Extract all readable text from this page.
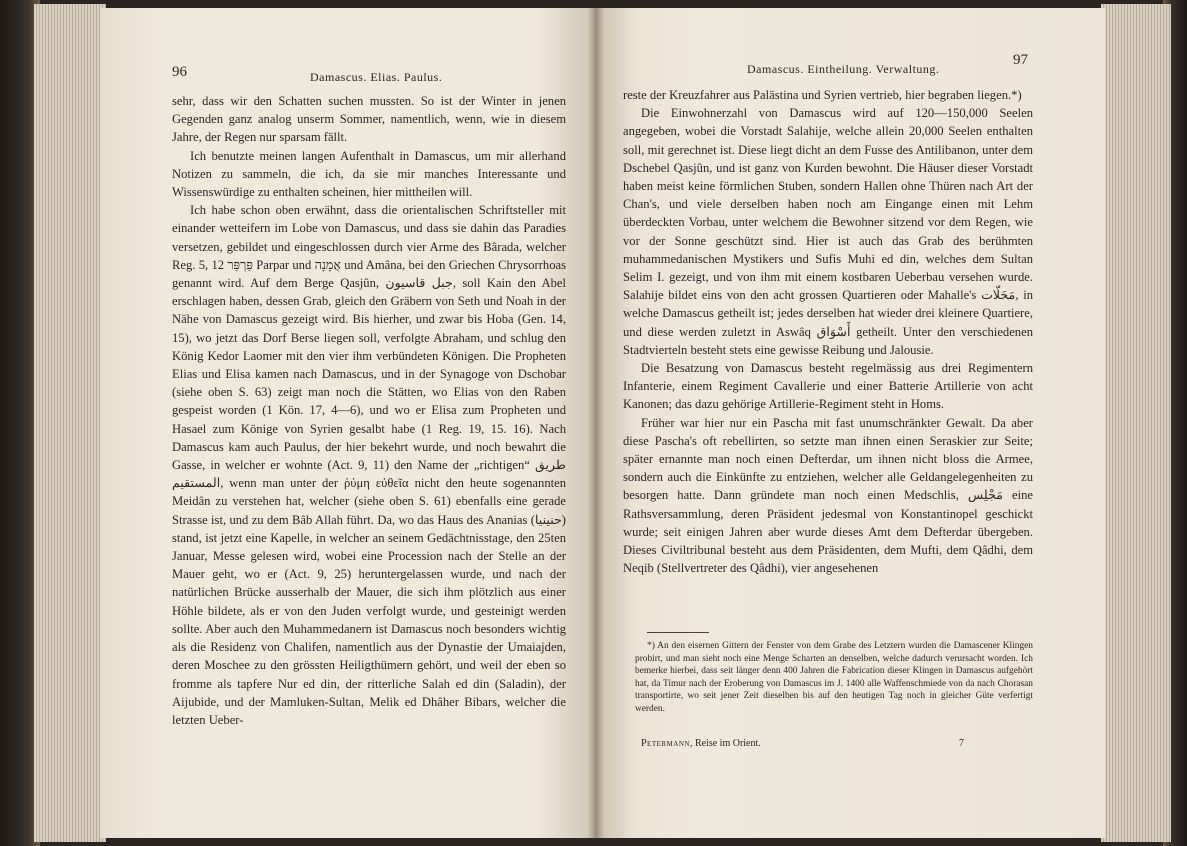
96	Damascus. Elias. Paulus.

sehr, dass wir den Schatten suchen mussten. So ist der Winter in jenen Gegenden ganz analog unserm Sommer, namentlich, wenn, wie in diesem Jahre, der Regen nur sparsam fällt.

Ich benutzte meinen langen Aufenthalt in Damascus, um mir allerhand Notizen zu sammeln, die ich, da sie mir manches Interessante und Wissenswürdige zu enthalten scheinen, hier mittheilen will.

Ich habe schon oben erwähnt, dass die orientalischen Schriftsteller mit einander wetteifern im Lobe von Damascus, und dass sie dahin das Paradies versetzen, gebildet und eingeschlossen durch vier Arme des Bârada, welcher Reg. 5, 12 פַּרְפַּר Parpar und אֲמָנָה und Amâna, bei den Griechen Chrysorrhoas genannt wird. Auf dem Berge Qasjûn, جبل قاسيون, soll Kain den Abel erschlagen haben, dessen Grab, gleich den Gräbern von Seth und Noah in der Nähe von Damascus gezeigt wird. Bis hierher, und zwar bis Hoba (Gen. 14, 15), wo jetzt das Dorf Berse liegen soll, verfolgte Abraham, und schlug den König Kedor Laomer mit den vier ihm verbündeten Königen. Die Propheten Elias und Elisa kamen nach Damascus, und in der Synagoge von Dschobar (siehe oben S. 63) zeigt man noch die Stätten, wo Elias von den Raben gespeist worden (1 Kön. 17, 4—6), und wo er Elisa zum Propheten und Hasael zum Könige von Syrien gesalbt habe (1 Reg. 19, 15. 16). Nach Damascus kam auch Paulus, der hier bekehrt wurde, und noch bewahrt die Gasse, in welcher er wohnte (Act. 9, 11) den Name der „richtigen“ طريق المستقيم, wenn man unter der ῥύμη εὐθεῖα nicht den heute sogenannten Meidân zu verstehen hat, welcher (siehe oben S. 61) ebenfalls eine gerade Strasse ist, und zu dem Bâb Allah führt. Da, wo das Haus des Ananias (حنينيا) stand, ist jetzt eine Kapelle, in welcher an seinem Gedächtnisstage, den 25ten Januar, Messe gelesen wird, wobei eine Procession nach der Stelle an der Mauer geht, wo er (Act. 9, 25) heruntergelassen wurde, und nach der natürlichen Brücke ausserhalb der Mauer, die sich ihm plötzlich aus einer Höhle bildete, als er von den Juden verfolgt wurde, und gesteinigt werden sollte. Aber auch den Muhammedanern ist Damascus noch besonders wichtig als die Residenz von Chalifen, namentlich aus der Dynastie der Umaiajden, deren Moschee zu den grössten Heiligthümern gehört, und weil der eben so fromme als tapfere Nur ed din, der ritterliche Salah ed din (Saladin), der Aijubide, und der Mamluken-Sultan, Melik ed Dhâher Bibars, welcher die letzten Ueber-

Damascus. Eintheilung. Verwaltung.
97

reste der Kreuzfahrer aus Palästina und Syrien vertrieb, hier begraben liegen.*)

Die Einwohnerzahl von Damascus wird auf 120—150,000 Seelen angegeben, wobei die Vorstadt Salahije, welche allein 20,000 Seelen enthalten soll, mit gerechnet ist. Diese liegt dicht an dem Fusse des Antilibanon, unter dem Dschebel Qasjûn, und ist ganz von Kurden bewohnt. Die Häuser dieser Vorstadt haben meist keine förmlichen Stuben, sondern Hallen ohne Thüren nach Art der Chan's, und viele derselben haben noch am Eingange einen mit Lehm überdeckten Vorbau, unter welchem die Bewohner sitzend vor dem Regen, wie vor der Sonne geschützt sind. Hier ist auch das Grab des berühmten muhammedanischen Mystikers und Sufis Muhi ed din, welches dem Sultan Selim I. gezeigt, und von ihm mit einem kostbaren Ueberbau versehen wurde. Salahije bildet eins von den acht grossen Quartieren oder Mahalle's مَحَلّات, in welche Damascus getheilt ist; jedes derselben hat wieder drei kleinere Quartiere, und diese werden zuletzt in Aswâq أَسْوَاق getheilt. Unter den verschiedenen Stadtvierteln besteht stets eine gewisse Reibung und Jalousie.

Die Besatzung von Damascus besteht regelmässig aus drei Regimentern Infanterie, einem Regiment Cavallerie und einer Batterie Artillerie von acht Kanonen; das dazu gehörige Artillerie-Regiment steht in Homs.

Früher war hier nur ein Pascha mit fast unumschränkter Gewalt. Da aber diese Pascha's oft rebellirten, so setzte man ihnen einen Seraskier zur Seite; später ernannte man noch einen Defterdar, um ihnen nicht bloss die Armee, sondern auch die Einkünfte zu entziehen, welcher alle Geldangelegenheiten zu besorgen hatte. Dann gründete man noch einen Medschlis, مَجْلِس eine Rathsversammlung, deren Präsident jedesmal von Konstantinopel geschickt wurde; seit einigen Jahren aber wurde dieses Amt dem Defterdar übergeben. Dieses Civiltribunal besteht aus dem Präsidenten, dem Mufti, dem Qâdhi, dem Neqib (Stellvertreter des Qâdhi), vier angesehenen

*) An den eisernen Gittern der Fenster von dem Grabe des Letztern wurden die Damascener Klingen probirt, und man sieht noch eine Menge Scharten an denselben, welche dadurch verursacht worden. Ich bemerke hierbei, dass seit länger denn 400 Jahren die Fabrication dieser Klingen in Damascus aufgehört hat, da Timur nach der Eroberung von Damascus im J. 1400 alle Waffenschmiede von da nach Chorasan transportirte, wo seit jener Zeit dieselben bis auf den heutigen Tag noch in gleicher Güte verfertigt werden.

Petermann, Reise im Orient.	7
